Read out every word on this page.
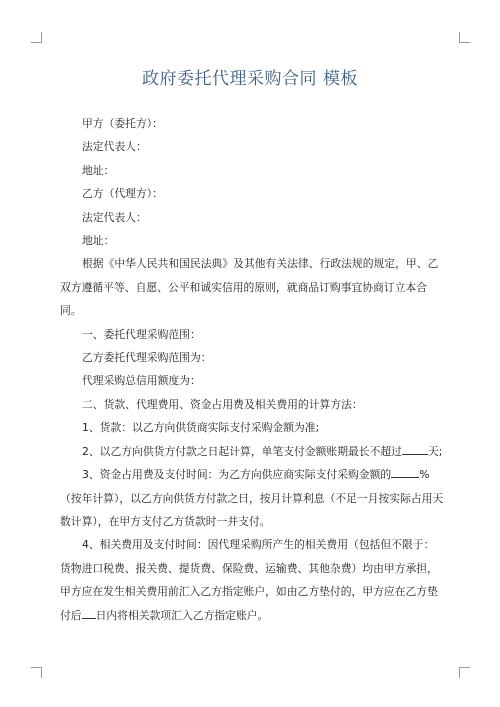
政府委托代理采购合同 模板

甲方（委托方）：

法定代表人：

地址：

乙方（代理方）：

法定代表人：

地址：

根据《中华人民共和国民法典》及其他有关法律、行政法规的规定，甲、乙双方遵循平等、自愿、公平和诚实信用的原则，就商品订购事宜协商订立本合同。

一、委托代理采购范围：

乙方委托代理采购范围为：

代理采购总信用额度为：

二、货款、代理费用、资金占用费及相关费用的计算方法：

1、货款：以乙方向供货商实际支付采购金额为准;

2、以乙方向供货方付款之日起计算，单笔支付金额账期最长不超过 天;

3、资金占用费及支付时间：为乙方向供应商实际支付采购金额的	%（按年计算），以乙方向供货方付款之日，按月计算利息（不足一月按实际占用天数计算），在甲方支付乙方货款时一并支付。

4、相关费用及支付时间：因代理采购所产生的相关费用（包括但不限于：货物进口税费、报关费、提货费、保险费、运输费、其他杂费）均由甲方承担，甲方应在发生相关费用前汇入乙方指定账户，如由乙方垫付的，甲方应在乙方垫付后 日内将相关款项汇入乙方指定账户。
